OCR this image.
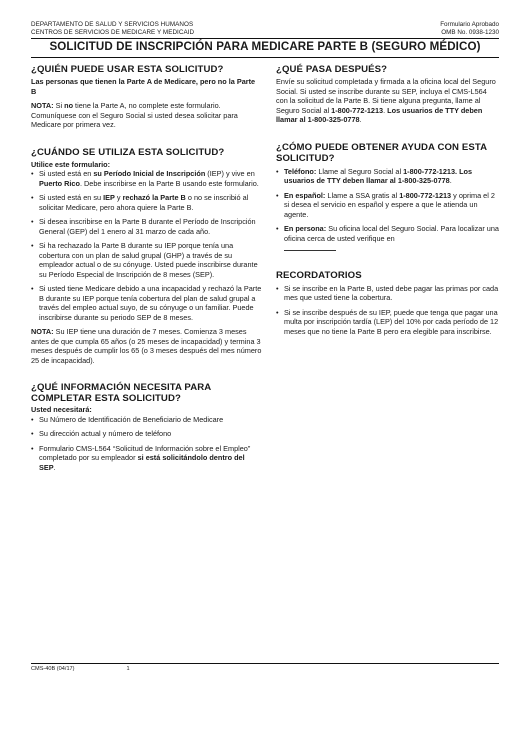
DEPARTAMENTO DE SALUD Y SERVICIOS HUMANOS
CENTROS DE SERVICIOS DE MEDICARE Y MEDICAID
Formulario Aprobado
OMB No. 0938-1230
SOLICITUD DE INSCRIPCIÓN PARA MEDICARE PARTE B (SEGURO MÉDICO)
¿QUIÉN PUEDE USAR ESTA SOLICITUD?

Las personas que tienen la Parte A de Medicare, pero no la Parte B

NOTA: Si no tiene la Parte A, no complete este formulario. Comuníquese con el Seguro Social si usted desea solicitar para Medicare por primera vez.

¿CUÁNDO SE UTILIZA ESTA SOLICITUD?

Utilice este formulario:

• Si usted está en su Período Inicial de Inscripción (IEP) y vive en Puerto Rico. Debe inscribirse en la Parte B usando este formulario.
• Si usted está en su IEP y rechazó la Parte B o no se inscribió al solicitar Medicare, pero ahora quiere la Parte B.
• Si desea inscribirse en la Parte B durante el Período de Inscripción General (GEP) del 1 enero al 31 marzo de cada año.
• Si ha rechazado la Parte B durante su IEP porque tenía una cobertura con un plan de salud grupal (GHP) a través de su empleador actual o de su cónyuge. Usted puede inscribirse durante su Período Especial de Inscripción de 8 meses (SEP).
• Si usted tiene Medicare debido a una incapacidad y rechazó la Parte B durante su IEP porque tenía cobertura del plan de salud grupal a través del empleo actual suyo, de su cónyuge o un familiar. Puede inscribirse durante su periodo SEP de 8 meses.

NOTA: Su IEP tiene una duración de 7 meses. Comienza 3 meses antes de que cumpla 65 años (o 25 meses de incapacidad) y termina 3 meses después de cumplir los 65 (o 3 meses después del mes número 25 de incapacidad).

¿QUÉ INFORMACIÓN NECESITA PARA COMPLETAR ESTA SOLICITUD?

Usted necesitará:

• Su Número de Identificación de Beneficiario de Medicare
• Su dirección actual y número de teléfono
• Formulario CMS-L564 “Solicitud de Información sobre el Empleo” completado por su empleador si está solicitándolo dentro del SEP.
¿QUÉ PASA DESPUÉS?

Envíe su solicitud completada y firmada a la oficina local del Seguro Social. Si usted se inscribe durante su SEP, incluya el CMS-L564 con la solicitud de la Parte B. Si tiene alguna pregunta, llame al Seguro Social al 1-800-772-1213. Los usuarios de TTY deben llamar al 1-800-325-0778.

¿CÓMO PUEDE OBTENER AYUDA CON ESTA SOLICITUD?
• Teléfono: Llame al Seguro Social al 1-800-772-1213. Los usuarios de TTY deben llamar al 1-800-325-0778.
• En español: Llame a SSA gratis al 1-800-772-1213 y oprima el 2 si desea el servicio en español y espere a que le atienda un agente.
• En persona: Su oficina local del Seguro Social. Para localizar una oficina cerca de usted verifique en

RECORDATORIOS
• Si se inscribe en la Parte B, usted debe pagar las primas por cada mes que usted tiene la cobertura.
• Si se inscribe después de su IEP, puede que tenga que pagar una multa por inscripción tardía (LEP) del 10% por cada período de 12 meses que no tiene la Parte B pero era elegible para inscribirse.
CMS-40B (04/17)	1
